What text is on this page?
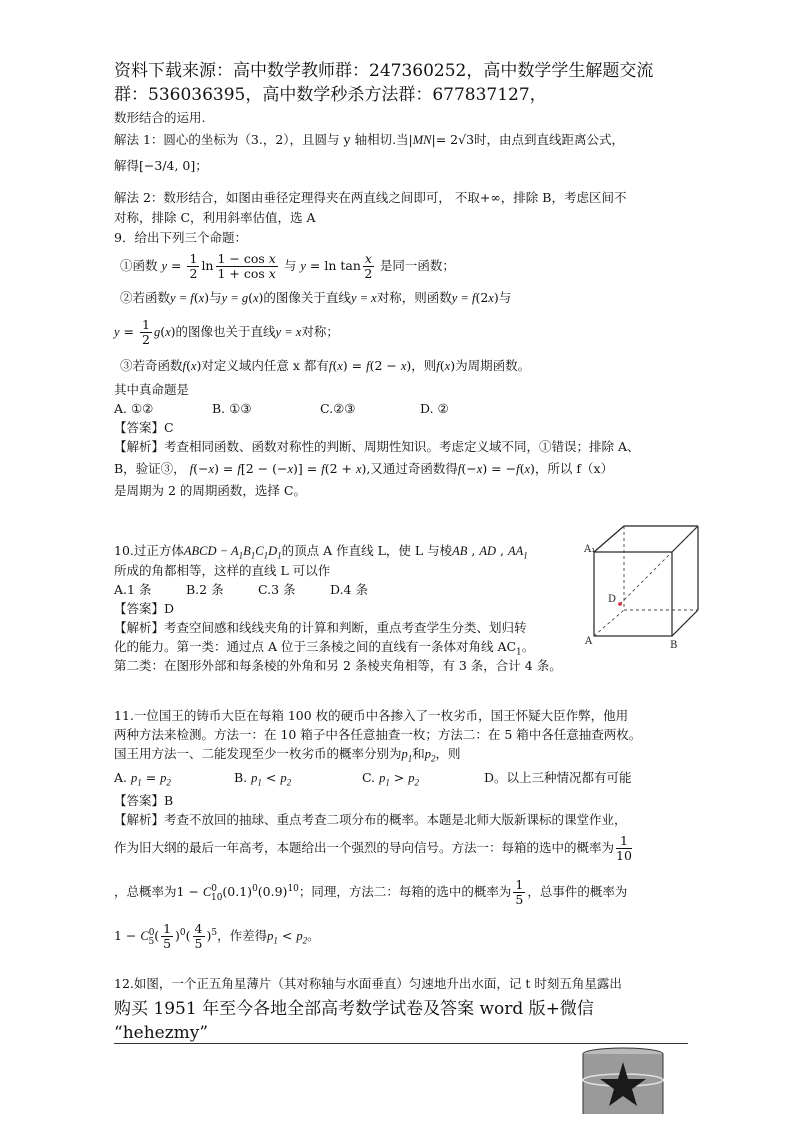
资料下载来源：高中数学教师群：247360252，高中数学学生解题交流
群：536036395，高中数学秒杀方法群：677837127，
数形结合的运用.
解法 1：圆心的坐标为（3.，2），且圆与 y 轴相切.当|MN|= 2√3时，由点到直线距离公式，
解得[−3/4, 0]；
解法 2：数形结合，如图由垂径定理得夹在两直线之间即可， 不取+∞，排除 B，考虑区间不
对称，排除 C，利用斜率估值，选 A
9．给出下列三个命题：
①函数 $y = \frac{1}{2}$ $\ln \frac{\text{1 − cos x}}{\text{1 + cos x}}$ 与 $y = \ln \tan \frac{x}{2}$ 是同一函数；
②若函数y = f(x)与y = g(x)的图像关于直线y = x对称，则函数y = f(2x)与
$y = \frac{1}{2} g(x)$的图像也关于直线y = x对称；
③若奇函数f(x)对定义域内任意 x 都有f(x) = f(2 − x)，则f(x)为周期函数。
其中真命题是
A. ①②	B. ①③	C.②③	D. ②
【答案】C
【解析】考查相同函数、函数对称性的判断、周期性知识。考虑定义域不同，①错误；排除 A、
B，验证③， f(−x) = f[2 − (−x)] = f(2 + x),又通过奇函数得f(−x) = −f(x)，所以 f（x）
是周期为 2 的周期函数，选择 C。
10.过正方体ABCD − $A_1B_1C_1D_1$的顶点 A 作直线 L，使 L 与棱AB , AD , $AA_1$
所成的角都相等，这样的直线 L 可以作
A.1 条	B.2 条	C.3 条	D.4 条
【答案】D
【解析】考查空间感和线线夹角的计算和判断，重点考查学生分类、划归转
化的能力。第一类：通过点 A 位于三条棱之间的直线有一条体对角线 $AC_1$。
第二类：在图形外部和每条棱的外角和另 2 条棱夹角相等，有 3 条，合计 4 条。
A₁
D
A	B
11.一位国王的铸币大臣在每箱 100 枚的硬币中各掺入了一枚劣币，国王怀疑大臣作弊，他用
两种方法来检测。方法一：在 10 箱子中各任意抽查一枚；方法二：在 5 箱中各任意抽查两枚。
国王用方法一、二能发现至少一枚劣币的概率分别为$p_1$和$p_2$，则
A. $p_1 = p_2$	B. $p_1 < p_2$	C. $p_1 > p_2$	D。以上三种情况都有可能
【答案】B
【解析】考查不放回的抽球、重点考查二项分布的概率。本题是北师大版新课标的课堂作业，
作为旧大纲的最后一年高考，本题给出一个强烈的导向信号。方法一：每箱的选中的概率为 $\frac{1}{10}$
，总概率为$1 - C^0_{10}(0.1)^0(0.9)^{10}$；同理，方法二：每箱的选中的概率为 $\frac{1}{5}$ ，总事件的概率为
$1 - C^0_5( \frac{1}{5} )^0( \frac{4}{5} )^5$，作差得$p_1 < p_2$。
12.如图，一个正五角星薄片（其对称轴与水面垂直）匀速地升出水面，记 t 时刻五角星露出
购买 1951 年至今各地全部高考数学试卷及答案 word 版+微信
“hehezmy”
